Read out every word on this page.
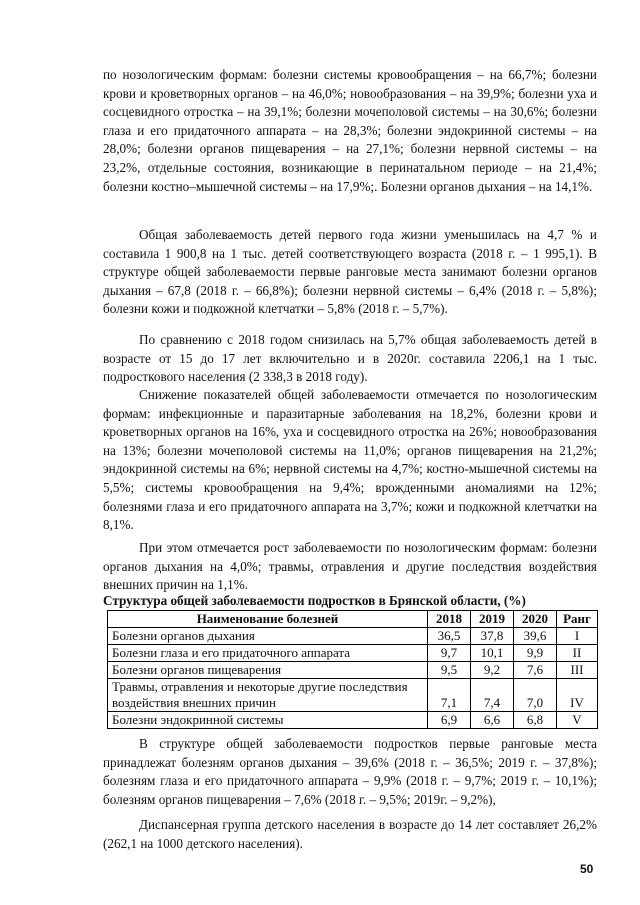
по нозологическим формам: болезни системы кровообращения – на 66,7%; болезни крови и кроветворных органов – на 46,0%; новообразования – на 39,9%; болезни уха и сосцевидного отростка – на 39,1%; болезни мочеполовой системы – на 30,6%; болезни глаза и его придаточного аппарата – на 28,3%; болезни эндокринной системы – на 28,0%; болезни органов пищеварения – на 27,1%; болезни нервной системы – на 23,2%, отдельные состояния, возникающие в перинатальном периоде – на 21,4%; болезни костно–мышечной системы – на 17,9%;. Болезни органов дыхания – на 14,1%.

Общая заболеваемость детей первого года жизни уменьшилась на 4,7 % и составила 1 900,8 на 1 тыс. детей соответствующего возраста (2018 г. – 1 995,1). В структуре общей заболеваемости первые ранговые места занимают болезни органов дыхания – 67,8 (2018 г. – 66,8%); болезни нервной системы – 6,4% (2018 г. – 5,8%); болезни кожи и подкожной клетчатки – 5,8% (2018 г. – 5,7%).

По сравнению с 2018 годом снизилась на 5,7% общая заболеваемость детей в возрасте от 15 до 17 лет включительно и в 2020г. составила 2206,1 на 1 тыс. подросткового населения (2 338,3 в 2018 году).

Снижение показателей общей заболеваемости отмечается по нозологическим формам: инфекционные и паразитарные заболевания на 18,2%, болезни крови и кроветворных органов на 16%, уха и сосцевидного отростка на 26%; новообразования на 13%; болезни мочеполовой системы на 11,0%; органов пищеварения на 21,2%; эндокринной системы на 6%; нервной системы на 4,7%; костно-мышечной системы на 5,5%; системы кровообращения на 9,4%; врожденными аномалиями на 12%; болезнями глаза и его придаточного аппарата на 3,7%; кожи и подкожной клетчатки на 8,1%.

При этом отмечается рост заболеваемости по нозологическим формам: болезни органов дыхания на 4,0%; травмы, отравления и другие последствия воздействия внешних причин на 1,1%.

Структура общей заболеваемости подростков в Брянской области, (%)
Наименование болезней	2018	2019	2020	Ранг
Болезни органов дыхания	36,5	37,8	39,6	I
Болезни глаза и его придаточного аппарата	9,7	10,1	9,9	II
Болезни органов пищеварения	9,5	9,2	7,6	III
Травмы, отравления и некоторые другие последствия воздействия внешних причин	7,1	7,4	7,0	IV
Болезни эндокринной системы	6,9	6,6	6,8	V

В структуре общей заболеваемости подростков первые ранговые места принадлежат болезням органов дыхания – 39,6% (2018 г. – 36,5%; 2019 г. – 37,8%); болезням глаза и его придаточного аппарата – 9,9% (2018 г. – 9,7%; 2019 г. – 10,1%); болезням органов пищеварения – 7,6% (2018 г. – 9,5%; 2019г. – 9,2%),

Диспансерная группа детского населения в возрасте до 14 лет составляет 26,2% (262,1 на 1000 детского населения).

50
